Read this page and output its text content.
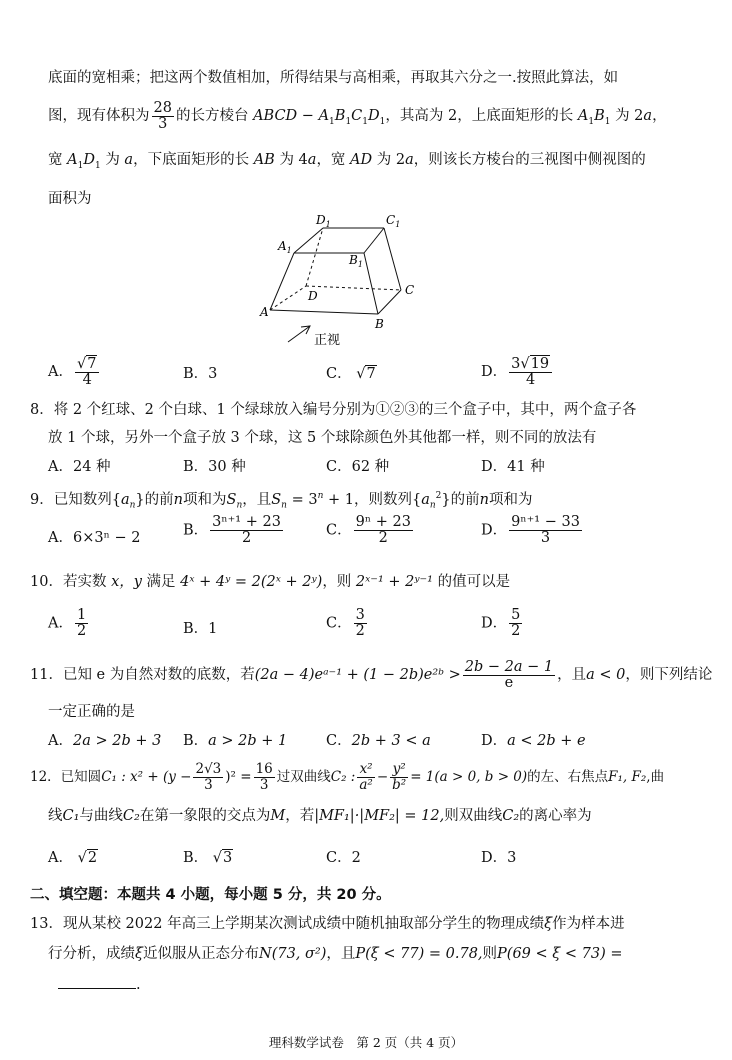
底面的宽相乘；把这两个数值相加，所得结果与高相乘，再取其六分之一.按照此算法，如
图，现有体积为 $\frac{28}{3}$ 的长方棱台 ABCD − $A_1B_1C_1D_1$，其高为 2，上底面矩形的长 $A_1B_1$ 为 2a，
宽 $A_1D_1$ 为 a，下底面矩形的长 AB 为 4a，宽 AD 为 2a，则该长方棱台的三视图中侧视图的
面积为
$D_1$	$C_1$
$A_1$
$B_1$
D	C
A
B
正视
A． $\frac{√7}{4}$	B．3	C． √7	D． $\frac{3√19}{4}$
8．将 2 个红球、2 个白球、1 个绿球放入编号分别为①②③的三个盒子中，其中，两个盒子各
放 1 个球，另外一个盒子放 3 个球，这 5 个球除颜色外其他都一样，则不同的放法有
A．24 种	B．30 种	C．62 种	D．41 种
9．已知数列$\{a_n\}$的前n项和为$S_n$，且$S_n = 3^n + 1$，则数列$\{a_n^2\}$的前n项和为
A．6×3ⁿ − 2	B． $\frac{\text{3ⁿ⁺¹ + 23}}{2}$	C． $\frac{\text{9ⁿ + 23}}{2}$	D． $\frac{\text{9ⁿ⁺¹ − 33}}{3}$
10．若实数 x，y 满足 4ˣ + 4ʸ = 2(2ˣ + 2ʸ)，则 2ˣ⁻¹ + 2ʸ⁻¹ 的值可以是
A． $\frac{1}{2}$	B．1	C． $\frac{3}{2}$	D． $\frac{5}{2}$
11．已知 e 为自然对数的底数，若(2a − 4)eᵃ⁻¹ + (1 − 2b)e²ᵇ > $\frac{2b - 2a - 1}{e}$ ，且a < 0，则下列结论
一定正确的是
A．2a > 2b + 3 B．a > 2b + 1	C．2b + 3 < a	D．a < 2b + e
12．已知圆C₁ : $x^2 + (y - \frac{2√3}{3} )^2 = \frac{16}{3}$ 过双曲线C₂ : $\frac{\text{x²}}{\text{a²}} - \frac{\text{y²}}{\text{b²}} = 1(a > 0$, b > 0)的左、右焦点F₁, F₂,曲
线C₁与曲线C₂在第一象限的交点为M，若|MF₁|·|MF₂| = 12,则双曲线C₂的离心率为
A． √2	B． √3	C．2	D．3
二、填空题：本题共 4 小题，每小题 5 分，共 20 分。
13．现从某校 2022 年高三上学期某次测试成绩中随机抽取部分学生的物理成绩ξ作为样本进
行分析，成绩ξ近似服从正态分布N(73, σ²)，且P(ξ < 77) = 0.78,则P(69 < ξ < 73) =
.
理科数学试卷　第 2 页（共 4 页）
